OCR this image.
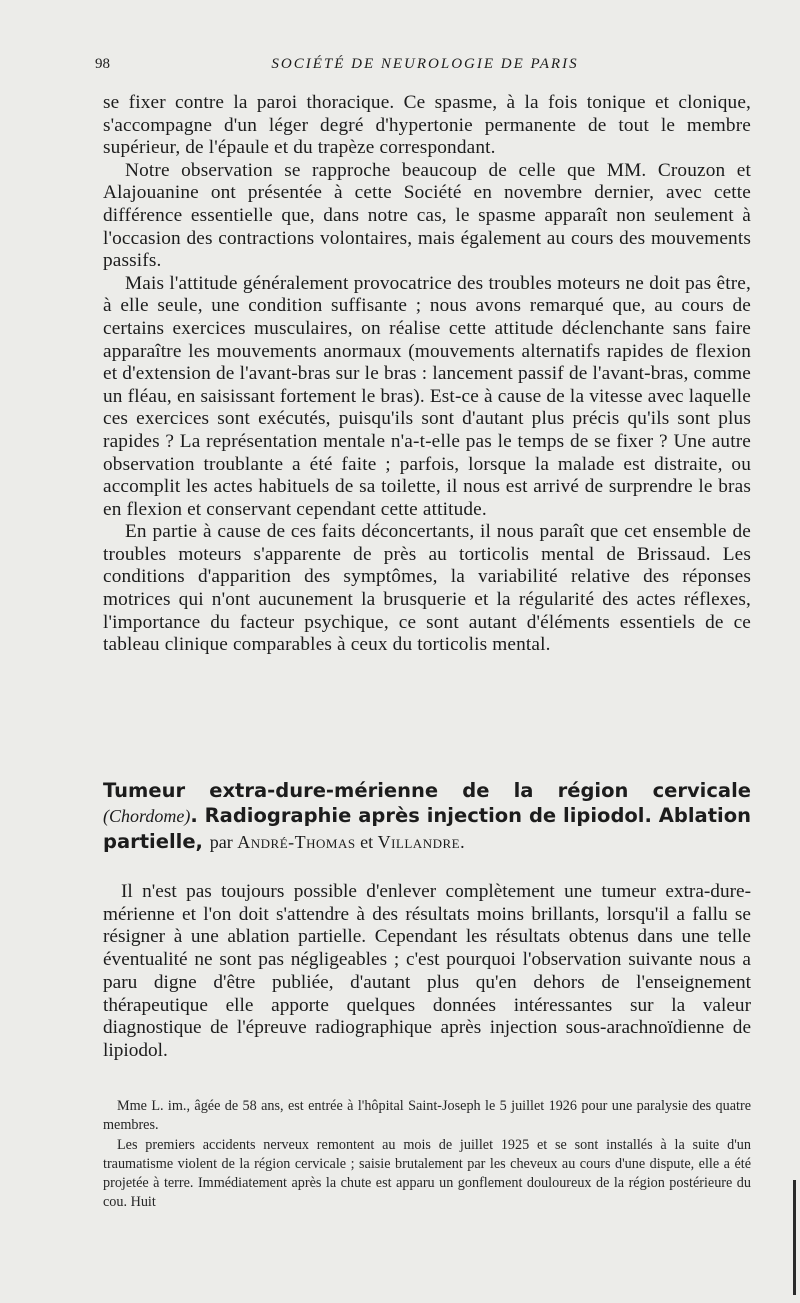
98	SOCIÉTÉ DE NEUROLOGIE DE PARIS

se fixer contre la paroi thoracique. Ce spasme, à la fois tonique et clonique, s'accompagne d'un léger degré d'hypertonie permanente de tout le membre supérieur, de l'épaule et du trapèze correspondant.

Notre observation se rapproche beaucoup de celle que MM. Crouzon et Alajouanine ont présentée à cette Société en novembre dernier, avec cette différence essentielle que, dans notre cas, le spasme apparaît non seulement à l'occasion des contractions volontaires, mais également au cours des mouvements passifs.

Mais l'attitude généralement provocatrice des troubles moteurs ne doit pas être, à elle seule, une condition suffisante ; nous avons remarqué que, au cours de certains exercices musculaires, on réalise cette attitude déclenchante sans faire apparaître les mouvements anormaux (mouvements alternatifs rapides de flexion et d'extension de l'avant-bras sur le bras : lancement passif de l'avant-bras, comme un fléau, en saisissant fortement le bras). Est-ce à cause de la vitesse avec laquelle ces exercices sont exécutés, puisqu'ils sont d'autant plus précis qu'ils sont plus rapides ? La représentation mentale n'a-t-elle pas le temps de se fixer ? Une autre observation troublante a été faite ; parfois, lorsque la malade est distraite, ou accomplit les actes habituels de sa toilette, il nous est arrivé de surprendre le bras en flexion et conservant cependant cette attitude.

En partie à cause de ces faits déconcertants, il nous paraît que cet ensemble de troubles moteurs s'apparente de près au torticolis mental de Brissaud. Les conditions d'apparition des symptômes, la variabilité relative des réponses motrices qui n'ont aucunement la brusquerie et la régularité des actes réflexes, l'importance du facteur psychique, ce sont autant d'éléments essentiels de ce tableau clinique comparables à ceux du torticolis mental.

Tumeur extra-dure-mérienne de la région cervicale (Chordome). Radiographie après injection de lipiodol. Ablation partielle, par André-Thomas et Villandre.

Il n'est pas toujours possible d'enlever complètement une tumeur extra-dure-mérienne et l'on doit s'attendre à des résultats moins brillants, lorsqu'il a fallu se résigner à une ablation partielle. Cependant les résultats obtenus dans une telle éventualité ne sont pas négligeables ; c'est pourquoi l'observation suivante nous a paru digne d'être publiée, d'autant plus qu'en dehors de l'enseignement thérapeutique elle apporte quelques données intéressantes sur la valeur diagnostique de l'épreuve radiographique après injection sous-arachnoïdienne de lipiodol.

Mme L. im., âgée de 58 ans, est entrée à l'hôpital Saint-Joseph le 5 juillet 1926 pour une paralysie des quatre membres.

Les premiers accidents nerveux remontent au mois de juillet 1925 et se sont installés à la suite d'un traumatisme violent de la région cervicale ; saisie brutalement par les cheveux au cours d'une dispute, elle a été projetée à terre. Immédiatement après la chute est apparu un gonflement douloureux de la région postérieure du cou. Huit
